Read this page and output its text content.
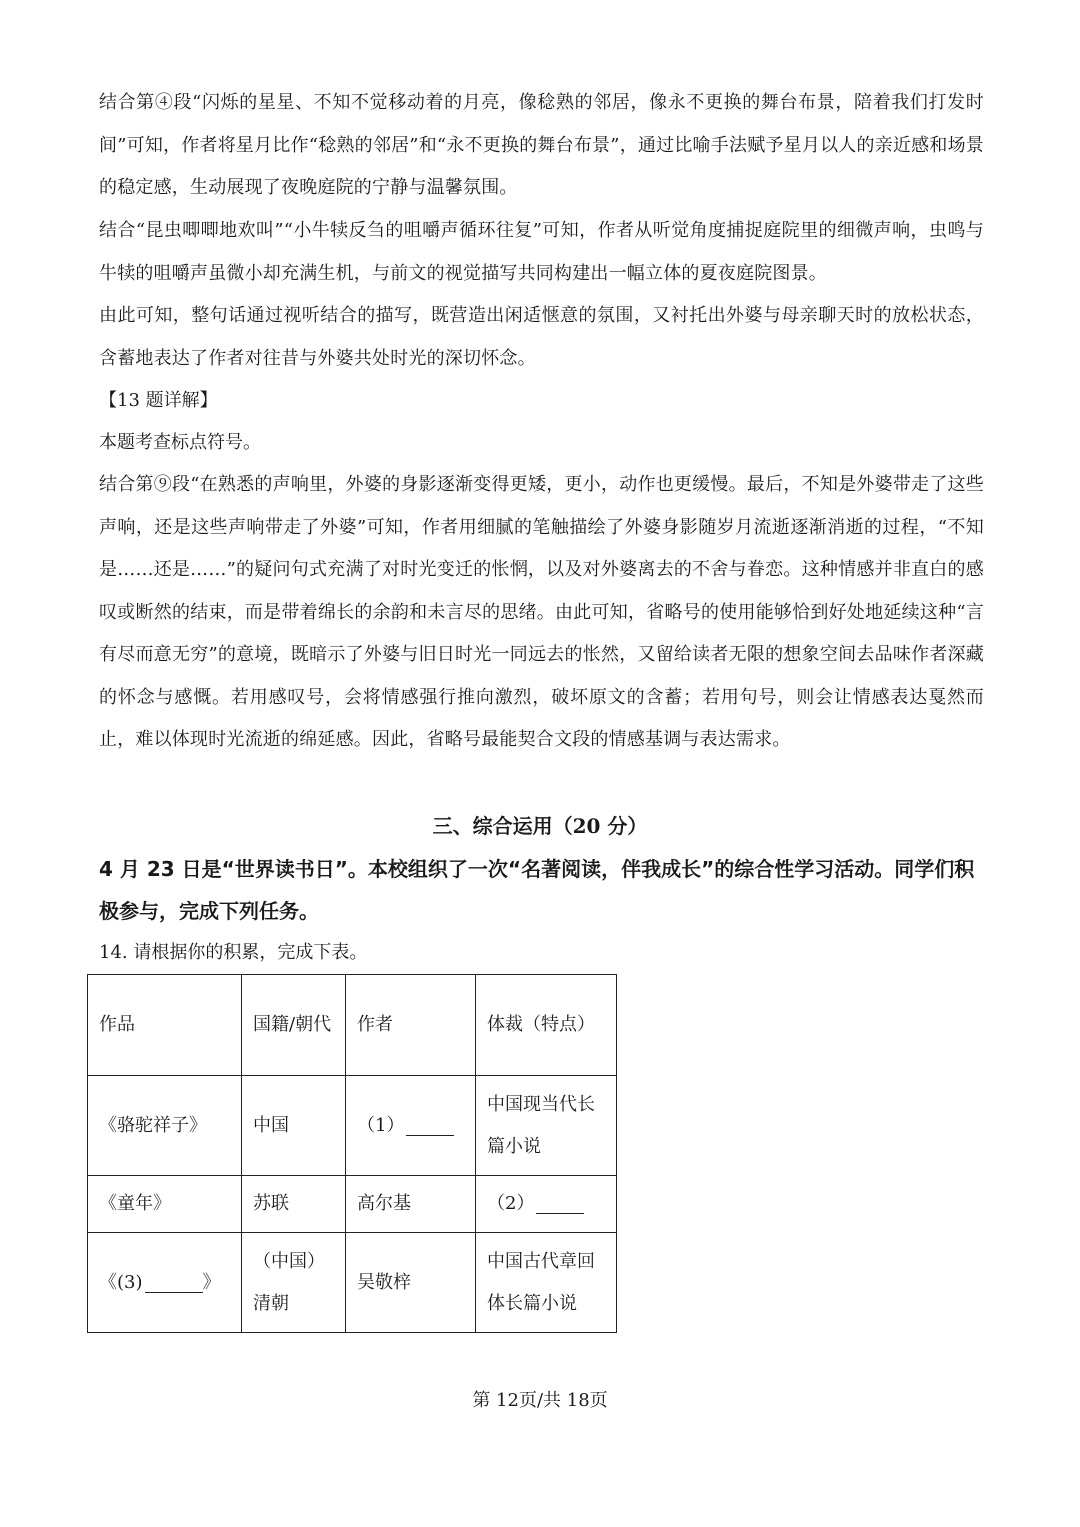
结合第④段“闪烁的星星、不知不觉移动着的月亮，像稔熟的邻居，像永不更换的舞台布景，陪着我们打发时间”可知，作者将星月比作“稔熟的邻居”和“永不更换的舞台布景”，通过比喻手法赋予星月以人的亲近感和场景的稳定感，生动展现了夜晚庭院的宁静与温馨氛围。

结合“昆虫唧唧地欢叫”“小牛犊反刍的咀嚼声循环往复”可知，作者从听觉角度捕捉庭院里的细微声响，虫鸣与牛犊的咀嚼声虽微小却充满生机，与前文的视觉描写共同构建出一幅立体的夏夜庭院图景。

由此可知，整句话通过视听结合的描写，既营造出闲适惬意的氛围，又衬托出外婆与母亲聊天时的放松状态，含蓄地表达了作者对往昔与外婆共处时光的深切怀念。

【13 题详解】

本题考查标点符号。

结合第⑨段“在熟悉的声响里，外婆的身影逐渐变得更矮，更小，动作也更缓慢。最后，不知是外婆带走了这些声响，还是这些声响带走了外婆”可知，作者用细腻的笔触描绘了外婆身影随岁月流逝逐渐消逝的过程，“不知是……还是……”的疑问句式充满了对时光变迁的怅惘，以及对外婆离去的不舍与眷恋。这种情感并非直白的感叹或断然的结束，而是带着绵长的余韵和未言尽的思绪。由此可知，省略号的使用能够恰到好处地延续这种“言有尽而意无穷”的意境，既暗示了外婆与旧日时光一同远去的怅然，又留给读者无限的想象空间去品味作者深藏的怀念与感慨。若用感叹号，会将情感强行推向激烈，破坏原文的含蓄；若用句号，则会让情感表达戛然而止，难以体现时光流逝的绵延感。因此，省略号最能契合文段的情感基调与表达需求。

三、综合运用（20 分）

4 月 23 日是“世界读书日”。本校组织了一次“名著阅读，伴我成长”的综合性学习活动。同学们积极参与，完成下列任务。

14. 请根据你的积累，完成下表。

作品	国籍/朝代	作者	体裁（特点）
《骆驼祥子》	中国	（1）	中国现当代长篇小说
《童年》	苏联	高尔基	（2）
《(3) 》	（中国）清朝	吴敬梓	中国古代章回体长篇小说

第 12页/共 18页
